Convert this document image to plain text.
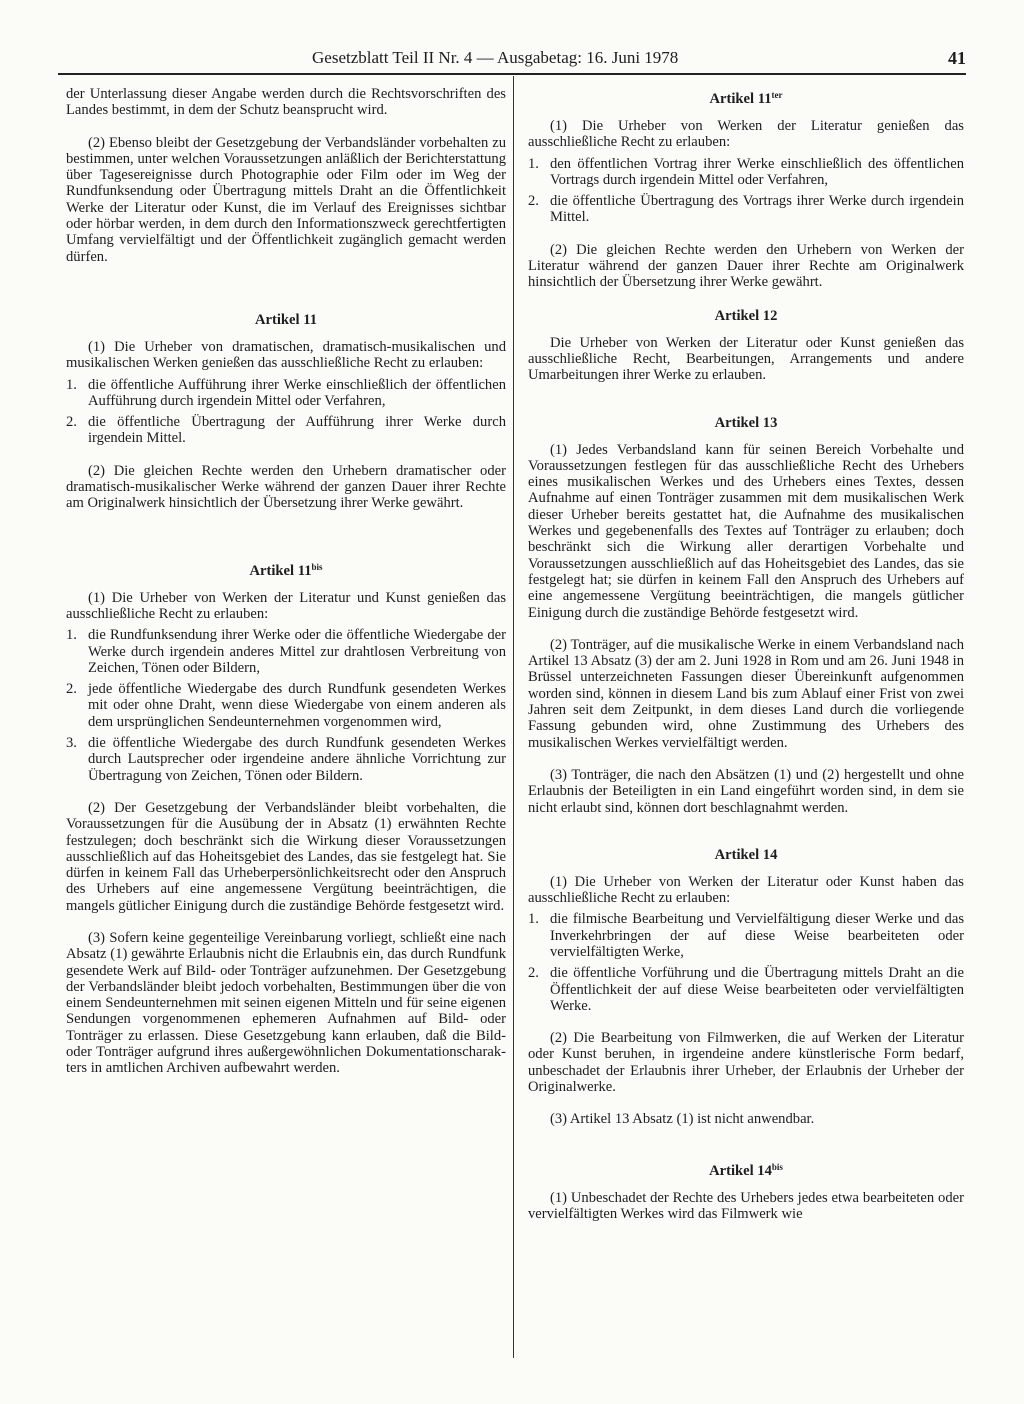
Gesetzblatt Teil II Nr. 4 — Ausgabetag: 16. Juni 1978	41

der Unterlassung dieser Angabe werden durch die Rechtsvorschriften des Landes bestimmt, in dem der Schutz beansprucht wird.

(2) Ebenso bleibt der Gesetzgebung der Verbandsländer vorbehalten zu bestimmen, unter welchen Voraussetzungen anläßlich der Berichterstattung über Tagesereignisse durch Photographie oder Film oder im Weg der Rundfunksendung oder Übertragung mittels Draht an die Öffentlichkeit Werke der Literatur oder Kunst, die im Verlauf des Ereignisses sichtbar oder hörbar werden, in dem durch den Informationszweck gerechtfertigten Umfang vervielfältigt und der Öffentlichkeit zugänglich gemacht werden dürfen.

Artikel 11

(1) Die Urheber von dramatischen, dramatisch-musikalischen und musikalischen Werken genießen das ausschließliche Recht zu erlauben:

1. die öffentliche Aufführung ihrer Werke einschließlich der öffentlichen Aufführung durch irgendein Mittel oder Verfahren,
2. die öffentliche Übertragung der Aufführung ihrer Werke durch irgendein Mittel.

(2) Die gleichen Rechte werden den Urhebern dramatischer oder dramatisch-musikalischer Werke während der ganzen Dauer ihrer Rechte am Originalwerk hinsichtlich der Übersetzung ihrer Werke gewährt.

Artikel $11^{bis}$

(1) Die Urheber von Werken der Literatur und Kunst genießen das ausschließliche Recht zu erlauben:

1. die Rundfunksendung ihrer Werke oder die öffentliche Wiedergabe der Werke durch irgendein anderes Mittel zur drahtlosen Verbreitung von Zeichen, Tönen oder Bildern,
2. jede öffentliche Wiedergabe des durch Rundfunk gesendeten Werkes mit oder ohne Draht, wenn diese Wiedergabe von einem anderen als dem ursprünglichen Sendeunternehmen vorgenommen wird,
3. die öffentliche Wiedergabe des durch Rundfunk gesendeten Werkes durch Lautsprecher oder irgendeine andere ähnliche Vorrichtung zur Übertragung von Zeichen, Tönen oder Bildern.

(2) Der Gesetzgebung der Verbandsländer bleibt vorbehalten, die Voraussetzungen für die Ausübung der in Absatz (1) erwähnten Rechte festzulegen; doch beschränkt sich die Wirkung dieser Voraussetzungen ausschließlich auf das Hoheitsgebiet des Landes, das sie festgelegt hat. Sie dürfen in keinem Fall das Urheberpersönlichkeitsrecht oder den Anspruch des Urhebers auf eine angemessene Vergütung beeinträchtigen, die mangels gütlicher Einigung durch die zuständige Behörde festgesetzt wird.

(3) Sofern keine gegenteilige Vereinbarung vorliegt, schließt eine nach Absatz (1) gewährte Erlaubnis nicht die Erlaubnis ein, das durch Rundfunk gesendete Werk auf Bild- oder Tonträger aufzunehmen. Der Gesetzgebung der Verbandsländer bleibt jedoch vorbehalten, Bestimmungen über die von einem Sendeunternehmen mit seinen eigenen Mitteln und für seine eigenen Sendungen vorgenommenen ephemeren Aufnahmen auf Bild- oder Tonträger zu erlassen. Diese Gesetzgebung kann erlauben, daß die Bild- oder Tonträger aufgrund ihres außergewöhnlichen Dokumentationscharakters in amtlichen Archiven aufbewahrt werden.

Artikel $11^{ter}$

(1) Die Urheber von Werken der Literatur genießen das ausschließliche Recht zu erlauben:

1. den öffentlichen Vortrag ihrer Werke einschließlich des öffentlichen Vortrags durch irgendein Mittel oder Verfahren,
2. die öffentliche Übertragung des Vortrags ihrer Werke durch irgendein Mittel.

(2) Die gleichen Rechte werden den Urhebern von Werken der Literatur während der ganzen Dauer ihrer Rechte am Originalwerk hinsichtlich der Übersetzung ihrer Werke gewährt.

Artikel 12

Die Urheber von Werken der Literatur oder Kunst genießen das ausschließliche Recht, Bearbeitungen, Arrangements und andere Umarbeitungen ihrer Werke zu erlauben.

Artikel 13

(1) Jedes Verbandsland kann für seinen Bereich Vorbehalte und Voraussetzungen festlegen für das ausschließliche Recht des Urhebers eines musikalischen Werkes und des Urhebers eines Textes, dessen Aufnahme auf einen Tonträger zusammen mit dem musikalischen Werk dieser Urheber bereits gestattet hat, die Aufnahme des musikalischen Werkes und gegebenenfalls des Textes auf Tonträger zu erlauben; doch beschränkt sich die Wirkung aller derartigen Vorbehalte und Voraussetzungen ausschließlich auf das Hoheitsgebiet des Landes, das sie festgelegt hat; sie dürfen in keinem Fall den Anspruch des Urhebers auf eine angemessene Vergütung beeinträchtigen, die mangels gütlicher Einigung durch die zuständige Behörde festgesetzt wird.

(2) Tonträger, auf die musikalische Werke in einem Verbandsland nach Artikel 13 Absatz (3) der am 2. Juni 1928 in Rom und am 26. Juni 1948 in Brüssel unterzeichneten Fassungen dieser Übereinkunft aufgenommen worden sind, können in diesem Land bis zum Ablauf einer Frist von zwei Jahren seit dem Zeitpunkt, in dem dieses Land durch die vorliegende Fassung gebunden wird, ohne Zustimmung des Urhebers des musikalischen Werkes vervielfältigt werden.

(3) Tonträger, die nach den Absätzen (1) und (2) hergestellt und ohne Erlaubnis der Beteiligten in ein Land eingeführt worden sind, in dem sie nicht erlaubt sind, können dort beschlagnahmt werden.

Artikel 14

(1) Die Urheber von Werken der Literatur oder Kunst haben das ausschließliche Recht zu erlauben:

1. die filmische Bearbeitung und Vervielfältigung dieser Werke und das Inverkehrbringen der auf diese Weise bearbeiteten oder vervielfältigten Werke,
2. die öffentliche Vorführung und die Übertragung mittels Draht an die Öffentlichkeit der auf diese Weise bearbeiteten oder vervielfältigten Werke.

(2) Die Bearbeitung von Filmwerken, die auf Werken der Literatur oder Kunst beruhen, in irgendeine andere künstlerische Form bedarf, unbeschadet der Erlaubnis ihrer Urheber, der Erlaubnis der Urheber der Originalwerke.

(3) Artikel 13 Absatz (1) ist nicht anwendbar.

Artikel $14^{bis}$

(1) Unbeschadet der Rechte des Urhebers jedes etwa bearbeiteten oder vervielfältigten Werkes wird das Filmwerk wie
